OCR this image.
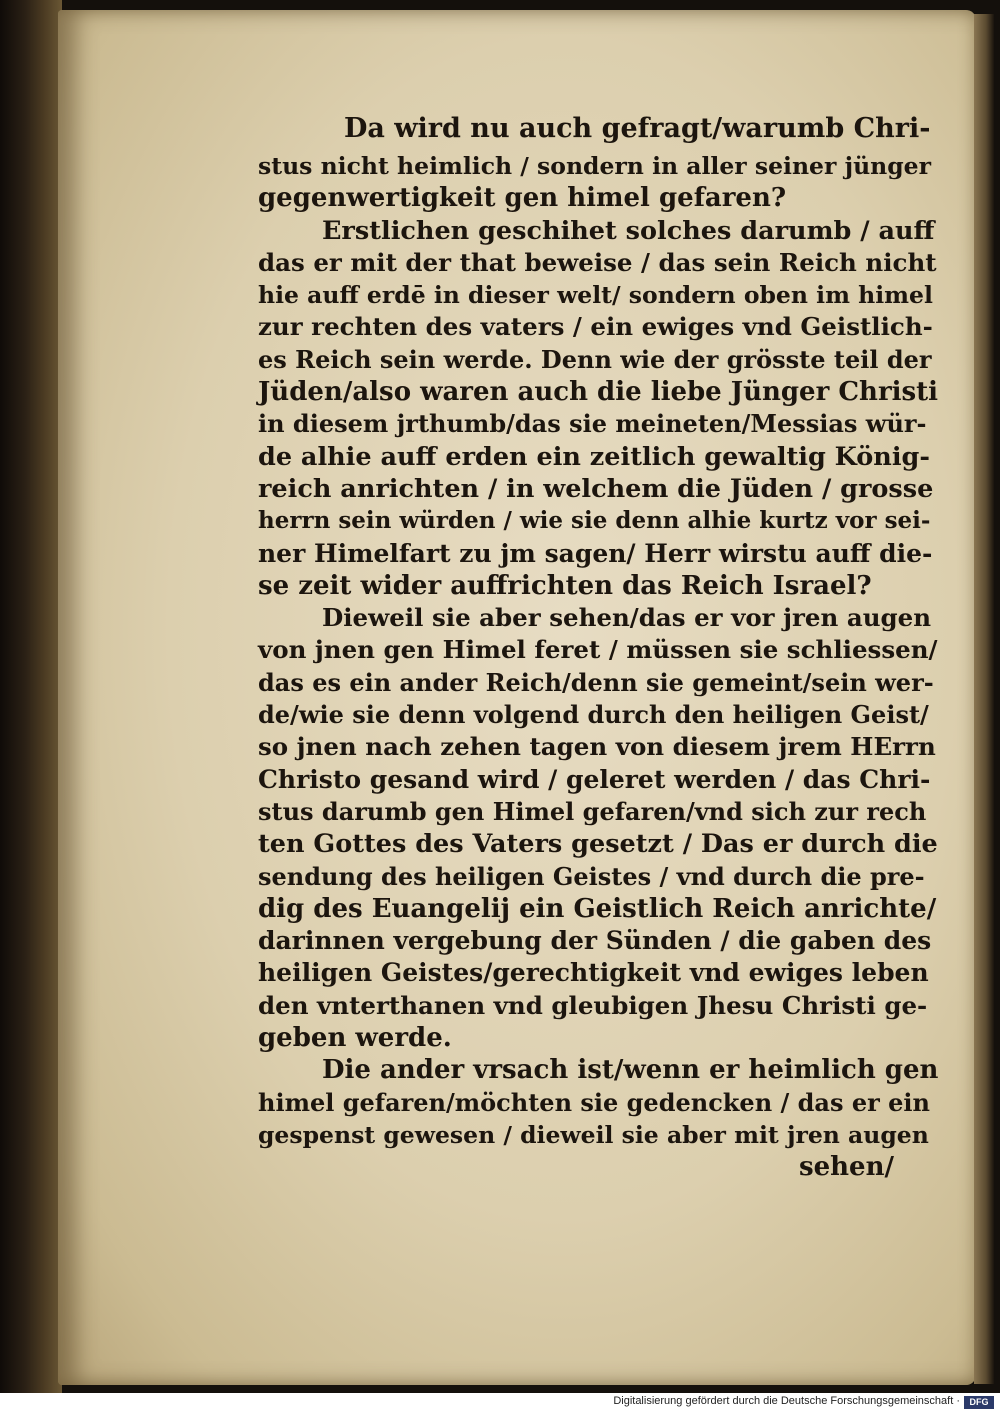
Da wird nu auch gefragt/warumb Chri-
stus nicht heimlich / sondern in aller seiner jünger
gegenwertigkeit gen himel gefaren?
Erstlichen geschihet solches darumb / auff
das er mit der that beweise / das sein Reich nicht
hie auff erdē in dieser welt/ sondern oben im himel
zur rechten des vaters / ein ewiges vnd Geistlich-
es Reich sein werde. Denn wie der grösste teil der
Jüden/also waren auch die liebe Jünger Christi
in diesem jrthumb/das sie meineten/Messias wür-
de alhie auff erden ein zeitlich gewaltig König-
reich anrichten / in welchem die Jüden / grosse
herrn sein würden / wie sie denn alhie kurtz vor sei-
ner Himelfart zu jm sagen/ Herr wirstu auff die-
se zeit wider auffrichten das Reich Israel?
Dieweil sie aber sehen/das er vor jren augen
von jnen gen Himel feret / müssen sie schliessen/
das es ein ander Reich/denn sie gemeint/sein wer-
de/wie sie denn volgend durch den heiligen Geist/
so jnen nach zehen tagen von diesem jrem HErrn
Christo gesand wird / geleret werden / das Chri-
stus darumb gen Himel gefaren/vnd sich zur rech
ten Gottes des Vaters gesetzt / Das er durch die
sendung des heiligen Geistes / vnd durch die pre-
dig des Euangelij ein Geistlich Reich anrichte/
darinnen vergebung der Sünden / die gaben des
heiligen Geistes/gerechtigkeit vnd ewiges leben
den vnterthanen vnd gleubigen Jhesu Christi ge-
geben werde.
Die ander vrsach ist/wenn er heimlich gen
himel gefaren/möchten sie gedencken / das er ein
gespenst gewesen / dieweil sie aber mit jren augen
sehen/
Digitalisierung gefördert durch die Deutsche Forschungsgemeinschaft ·	DFG
